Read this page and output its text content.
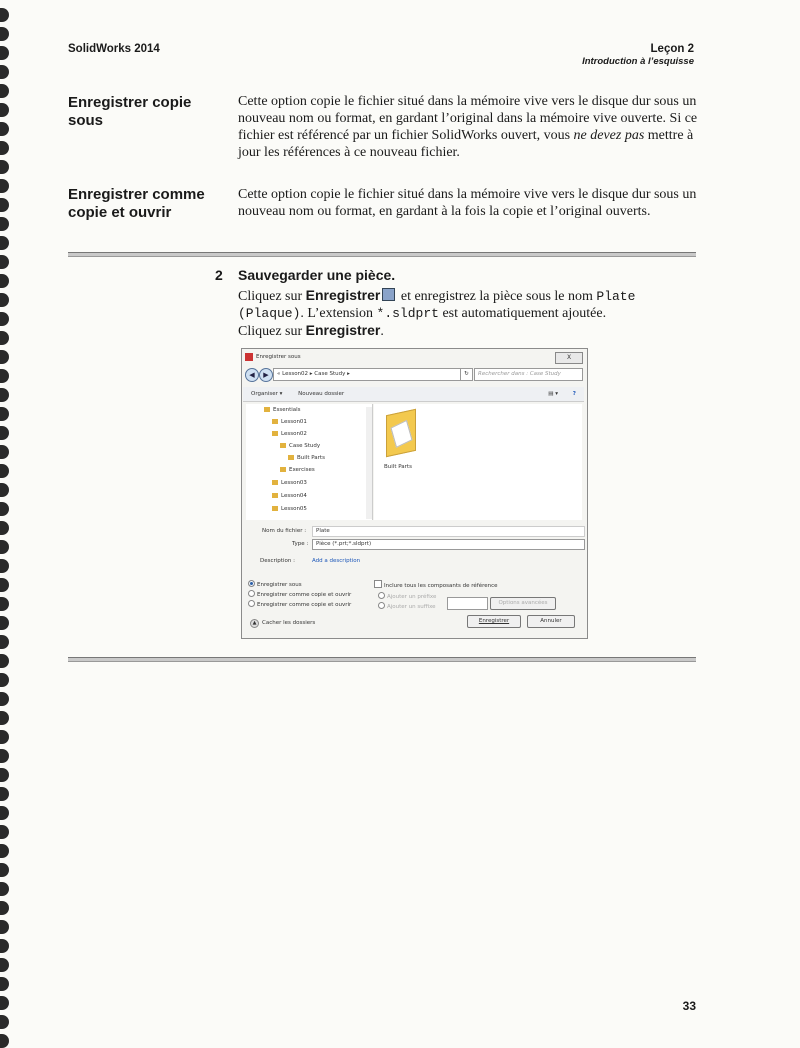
SolidWorks 2014	Leçon 2
Introduction à l’esquisse
Enregistrer copie sous
Cette option copie le fichier situé dans la mémoire vive vers le disque dur sous un nouveau nom ou format, en gardant l’original dans la mémoire vive ouverte. Si ce fichier est référencé par un fichier SolidWorks ouvert, vous ne devez pas mettre à jour les références à ce nouveau fichier.
Enregistrer comme copie et ouvrir
Cette option copie le fichier situé dans la mémoire vive vers le disque dur sous un nouveau nom ou format, en gardant à la fois la copie et l’original ouverts.
2 Sauvegarder une pièce.
Cliquez sur Enregistrer et enregistrez la pièce sous le nom Plate
(Plaque). L’extension *.sldprt est automatiquement ajoutée.
Cliquez sur Enregistrer.
Enregistrer sous	X
◀	▶	« Lesson02 ▸ Case Study ▸	↻	Rechercher dans : Case Study
Organiser ▾	Nouveau dossier	▤ ▾	?
Essentials
Lesson01
Lesson02
Case Study
Built Parts
Exercises
Lesson03
Lesson04
Lesson05
Built Parts
Nom du fichier :	Plate
Type :	Pièce (*.prt;*.sldprt)
Description :	Add a description
Enregistrer sous
Enregistrer comme copie et ouvrir
Enregistrer comme copie et ouvrir
Inclure tous les composants de référence
Ajouter un préfixe
Ajouter un suffixe
Options avancées
▲ Cacher les dossiers	Enregistrer	Annuler
33
